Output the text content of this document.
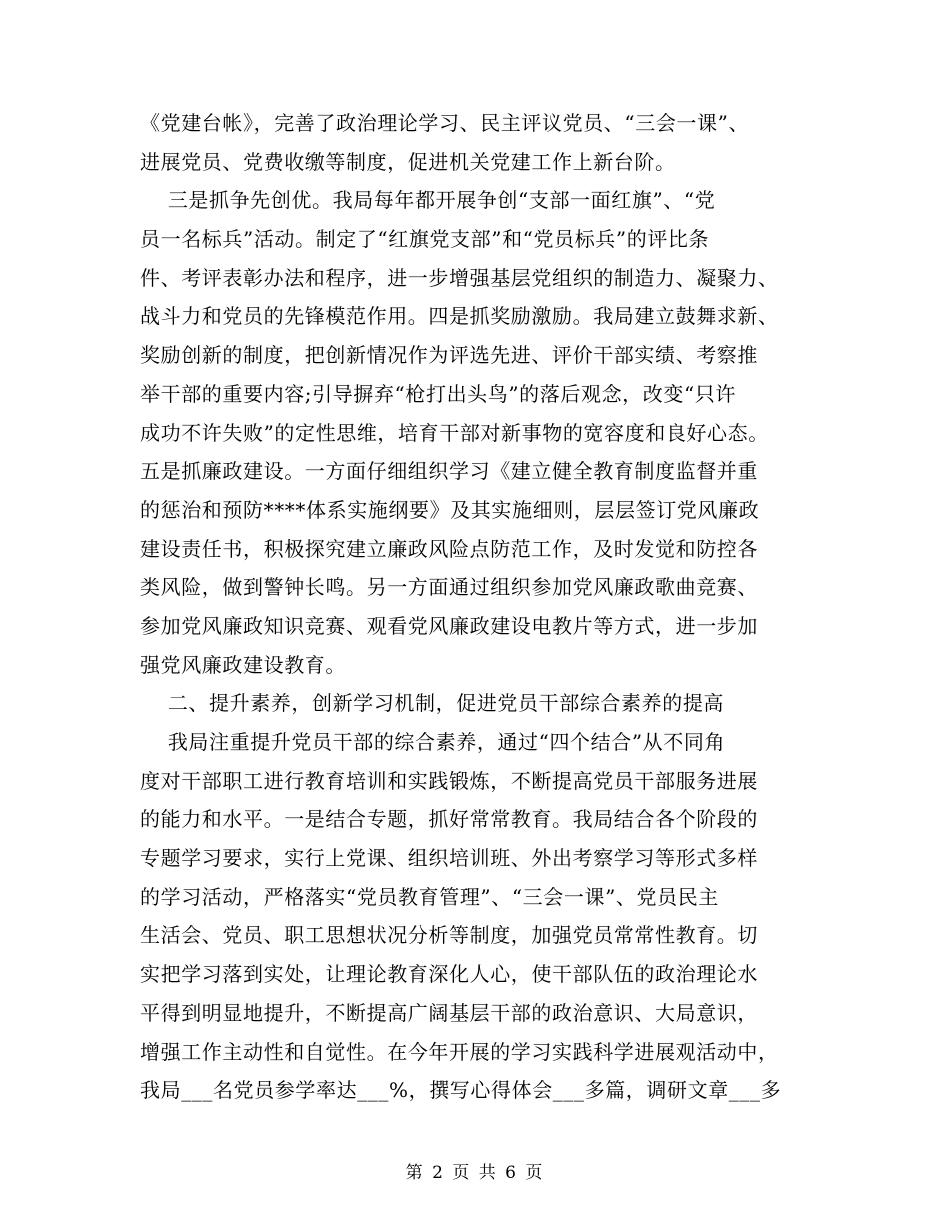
《党建台帐》，完善了政治理论学习、民主评议党员、“三会一课”、
进展党员、党费收缴等制度，促进机关党建工作上新台阶。
三是抓争先创优。我局每年都开展争创“支部一面红旗”、“党
员一名标兵”活动。制定了“红旗党支部”和“党员标兵”的评比条
件、考评表彰办法和程序，进一步增强基层党组织的制造力、凝聚力、
战斗力和党员的先锋模范作用。四是抓奖励激励。我局建立鼓舞求新、
奖励创新的制度，把创新情况作为评选先进、评价干部实绩、考察推
举干部的重要内容;引导摒弃“枪打出头鸟”的落后观念，改变“只许
成功不许失败”的定性思维，培育干部对新事物的宽容度和良好心态。
五是抓廉政建设。一方面仔细组织学习《建立健全教育制度监督并重
的惩治和预防****体系实施纲要》及其实施细则，层层签订党风廉政
建设责任书，积极探究建立廉政风险点防范工作，及时发觉和防控各
类风险，做到警钟长鸣。另一方面通过组织参加党风廉政歌曲竞赛、
参加党风廉政知识竞赛、观看党风廉政建设电教片等方式，进一步加
强党风廉政建设教育。
二、提升素养，创新学习机制，促进党员干部综合素养的提高
我局注重提升党员干部的综合素养，通过“四个结合”从不同角
度对干部职工进行教育培训和实践锻炼，不断提高党员干部服务进展
的能力和水平。一是结合专题，抓好常常教育。我局结合各个阶段的
专题学习要求，实行上党课、组织培训班、外出考察学习等形式多样
的学习活动，严格落实“党员教育管理”、“三会一课”、党员民主
生活会、党员、职工思想状况分析等制度，加强党员常常性教育。切
实把学习落到实处，让理论教育深化人心，使干部队伍的政治理论水
平得到明显地提升，不断提高广阔基层干部的政治意识、大局意识，
增强工作主动性和自觉性。在今年开展的学习实践科学进展观活动中，
我局___名党员参学率达___%，撰写心得体会___多篇，调研文章___多
第 2 页 共 6 页
